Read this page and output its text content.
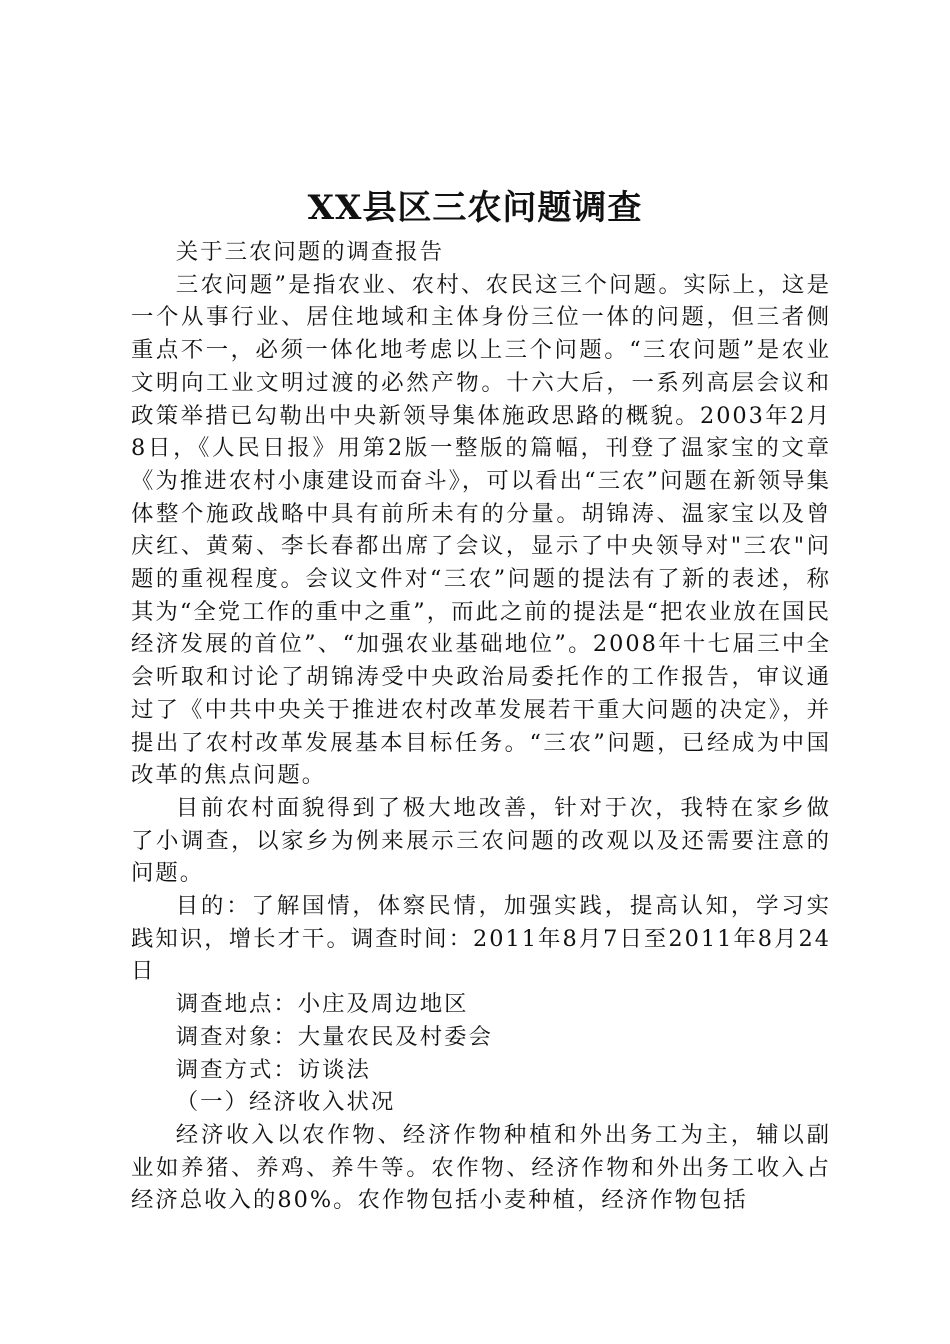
XX县区三农问题调查

关于三农问题的调查报告

三农问题”是指农业、农村、农民这三个问题。实际上，这是一个从事行业、居住地域和主体身份三位一体的问题，但三者侧重点不一，必须一体化地考虑以上三个问题。“三农问题”是农业文明向工业文明过渡的必然产物。十六大后，一系列高层会议和政策举措已勾勒出中央新领导集体施政思路的概貌。2003年2月8日，《人民日报》用第2版一整版的篇幅，刊登了温家宝的文章《为推进农村小康建设而奋斗》，可以看出“三农”问题在新领导集体整个施政战略中具有前所未有的分量。胡锦涛、温家宝以及曾庆红、黄菊、李长春都出席了会议，显示了中央领导对"三农"问题的重视程度。会议文件对“三农”问题的提法有了新的表述，称其为“全党工作的重中之重”，而此之前的提法是“把农业放在国民经济发展的首位”、“加强农业基础地位”。2008年十七届三中全会听取和讨论了胡锦涛受中央政治局委托作的工作报告，审议通过了《中共中央关于推进农村改革发展若干重大问题的决定》，并提出了农村改革发展基本目标任务。“三农”问题，已经成为中国改革的焦点问题。

目前农村面貌得到了极大地改善，针对于次，我特在家乡做了小调查，以家乡为例来展示三农问题的改观以及还需要注意的问题。

目的：了解国情，体察民情，加强实践，提高认知，学习实践知识，增长才干。调查时间：2011年8月7日至2011年8月24日

调查地点：小庄及周边地区

调查对象：大量农民及村委会

调查方式：访谈法

（一）经济收入状况

经济收入以农作物、经济作物种植和外出务工为主，辅以副业如养猪、养鸡、养牛等。农作物、经济作物和外出务工收入占经济总收入的80%。农作物包括小麦种植，经济作物包括
